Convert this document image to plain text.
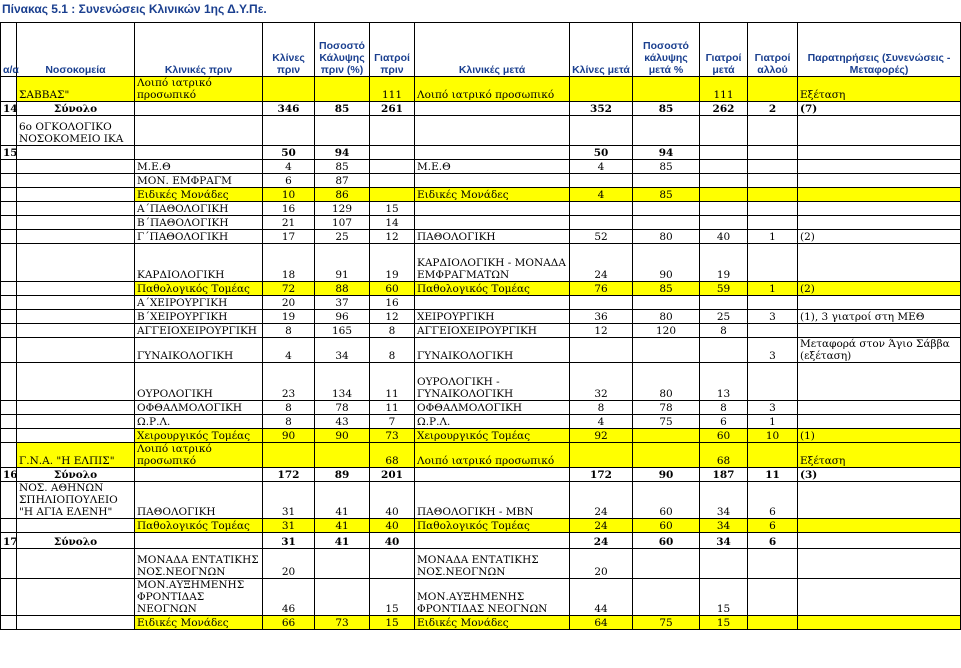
Πίνακας 5.1 : Συνενώσεις Κλινικών 1ης Δ.Υ.Πε.
α/α	Νοσοκομεία	Κλινικές πριν	Κλίνες πριν	Ποσοστό Κάλυψης πριν (%)	Γιατροί πριν	Κλινικές μετά	Κλίνες μετά	Ποσοστό κάλυψης μετά %	Γιατροί μετά	Γιατροί αλλού	Παρατηρήσεις (Συνενώσεις - Μεταφορές)
	ΣΑΒΒΑΣ"	Λοιπό ιατρικό προσωπικό			111	Λοιπό ιατρικό προσωπικό			111		Εξέταση
14	Σύνολο		346	85	261		352	85	262	2	(7)
	6ο ΟΓΚΟΛΟΓΙΚΟ ΝΟΣΟΚΟΜΕΙΟ ΙΚΑ										
15			50	94			50	94			
		Μ.Ε.Θ	4	85		Μ.Ε.Θ	4	85			
		ΜΟΝ. ΕΜΦΡΑΓΜ	6	87							
		Ειδικές Μονάδες	10	86		Ειδικές Μονάδες	4	85			
		Α΄ΠΑΘΟΛΟΓΙΚΗ	16	129	15						
		Β΄ΠΑΘΟΛΟΓΙΚΗ	21	107	14						
		Γ΄ΠΑΘΟΛΟΓΙΚΗ	17	25	12	ΠΑΘΟΛΟΓΙΚΗ	52	80	40	1	(2)
		ΚΑΡΔΙΟΛΟΓΙΚΗ	18	91	19	ΚΑΡΔΙΟΛΟΓΙΚΗ - ΜΟΝΑΔΑ ΕΜΦΡΑΓΜΑΤΩΝ	24	90	19		
		Παθολογικός Τομέας	72	88	60	Παθολογικός Τομέας	76	85	59	1	(2)
		Α΄ΧΕΙΡΟΥΡΓΙΚΗ	20	37	16						
		Β΄ΧΕΙΡΟΥΡΓΙΚΗ	19	96	12	ΧΕΙΡΟΥΡΓΙΚΗ	36	80	25	3	(1), 3 γιατροί στη ΜΕΘ
		ΑΓΓΕΙΟΧΕΙΡΟΥΡΓΙΚΗ	8	165	8	ΑΓΓΕΙΟΧΕΙΡΟΥΡΓΙΚΗ	12	120	8		
		ΓΥΝΑΙΚΟΛΟΓΙΚΗ	4	34	8	ΓΥΝΑΙΚΟΛΟΓΙΚΗ				3	Μεταφορά στον Άγιο Σάββα (εξέταση)
		ΟΥΡΟΛΟΓΙΚΗ	23	134	11	ΟΥΡΟΛΟΓΙΚΗ - ΓΥΝΑΙΚΟΛΟΓΙΚΗ	32	80	13		
		ΟΦΘΑΛΜΟΛΟΓΙΚΗ	8	78	11	ΟΦΘΑΛΜΟΛΟΓΙΚΗ	8	78	8	3	
		Ω.Ρ.Λ.	8	43	7	Ω.Ρ.Λ.	4	75	6	1	
		Χειρουργικός Τομέας	90	90	73	Χειρουργικός Τομέας	92		60	10	(1)
	Γ.Ν.Α. "Η ΕΛΠΙΣ"	Λοιπό ιατρικό προσωπικό			68	Λοιπό ιατρικό προσωπικό			68		Εξέταση
16	Σύνολο		172	89	201		172	90	187	11	(3)
	ΝΟΣ. ΑΘΗΝΩΝ ΣΠΗΛΙΟΠΟΥΛΕΙΟ "Η ΑΓΙΑ ΕΛΕΝΗ"	ΠΑΘΟΛΟΓΙΚΗ	31	41	40	ΠΑΘΟΛΟΓΙΚΗ - ΜΒΝ	24	60	34	6	
		Παθολογικός Τομέας	31	41	40	Παθολογικός Τομέας	24	60	34	6	
17	Σύνολο		31	41	40		24	60	34	6	
		ΜΟΝΑΔΑ ΕΝΤΑΤΙΚΗΣ ΝΟΣ.ΝΕΟΓΝΩΝ	20			ΜΟΝΑΔΑ ΕΝΤΑΤΙΚΗΣ ΝΟΣ.ΝΕΟΓΝΩΝ	20				
		ΜΟΝ.ΑΥΞΗΜΕΝΗΣ ΦΡΟΝΤΙΔΑΣ ΝΕΟΓΝΩΝ	46		15	ΜΟΝ.ΑΥΞΗΜΕΝΗΣ ΦΡΟΝΤΙΔΑΣ ΝΕΟΓΝΩΝ	44		15		
		Ειδικές Μονάδες	66	73	15	Ειδικές Μονάδες	64	75	15		
